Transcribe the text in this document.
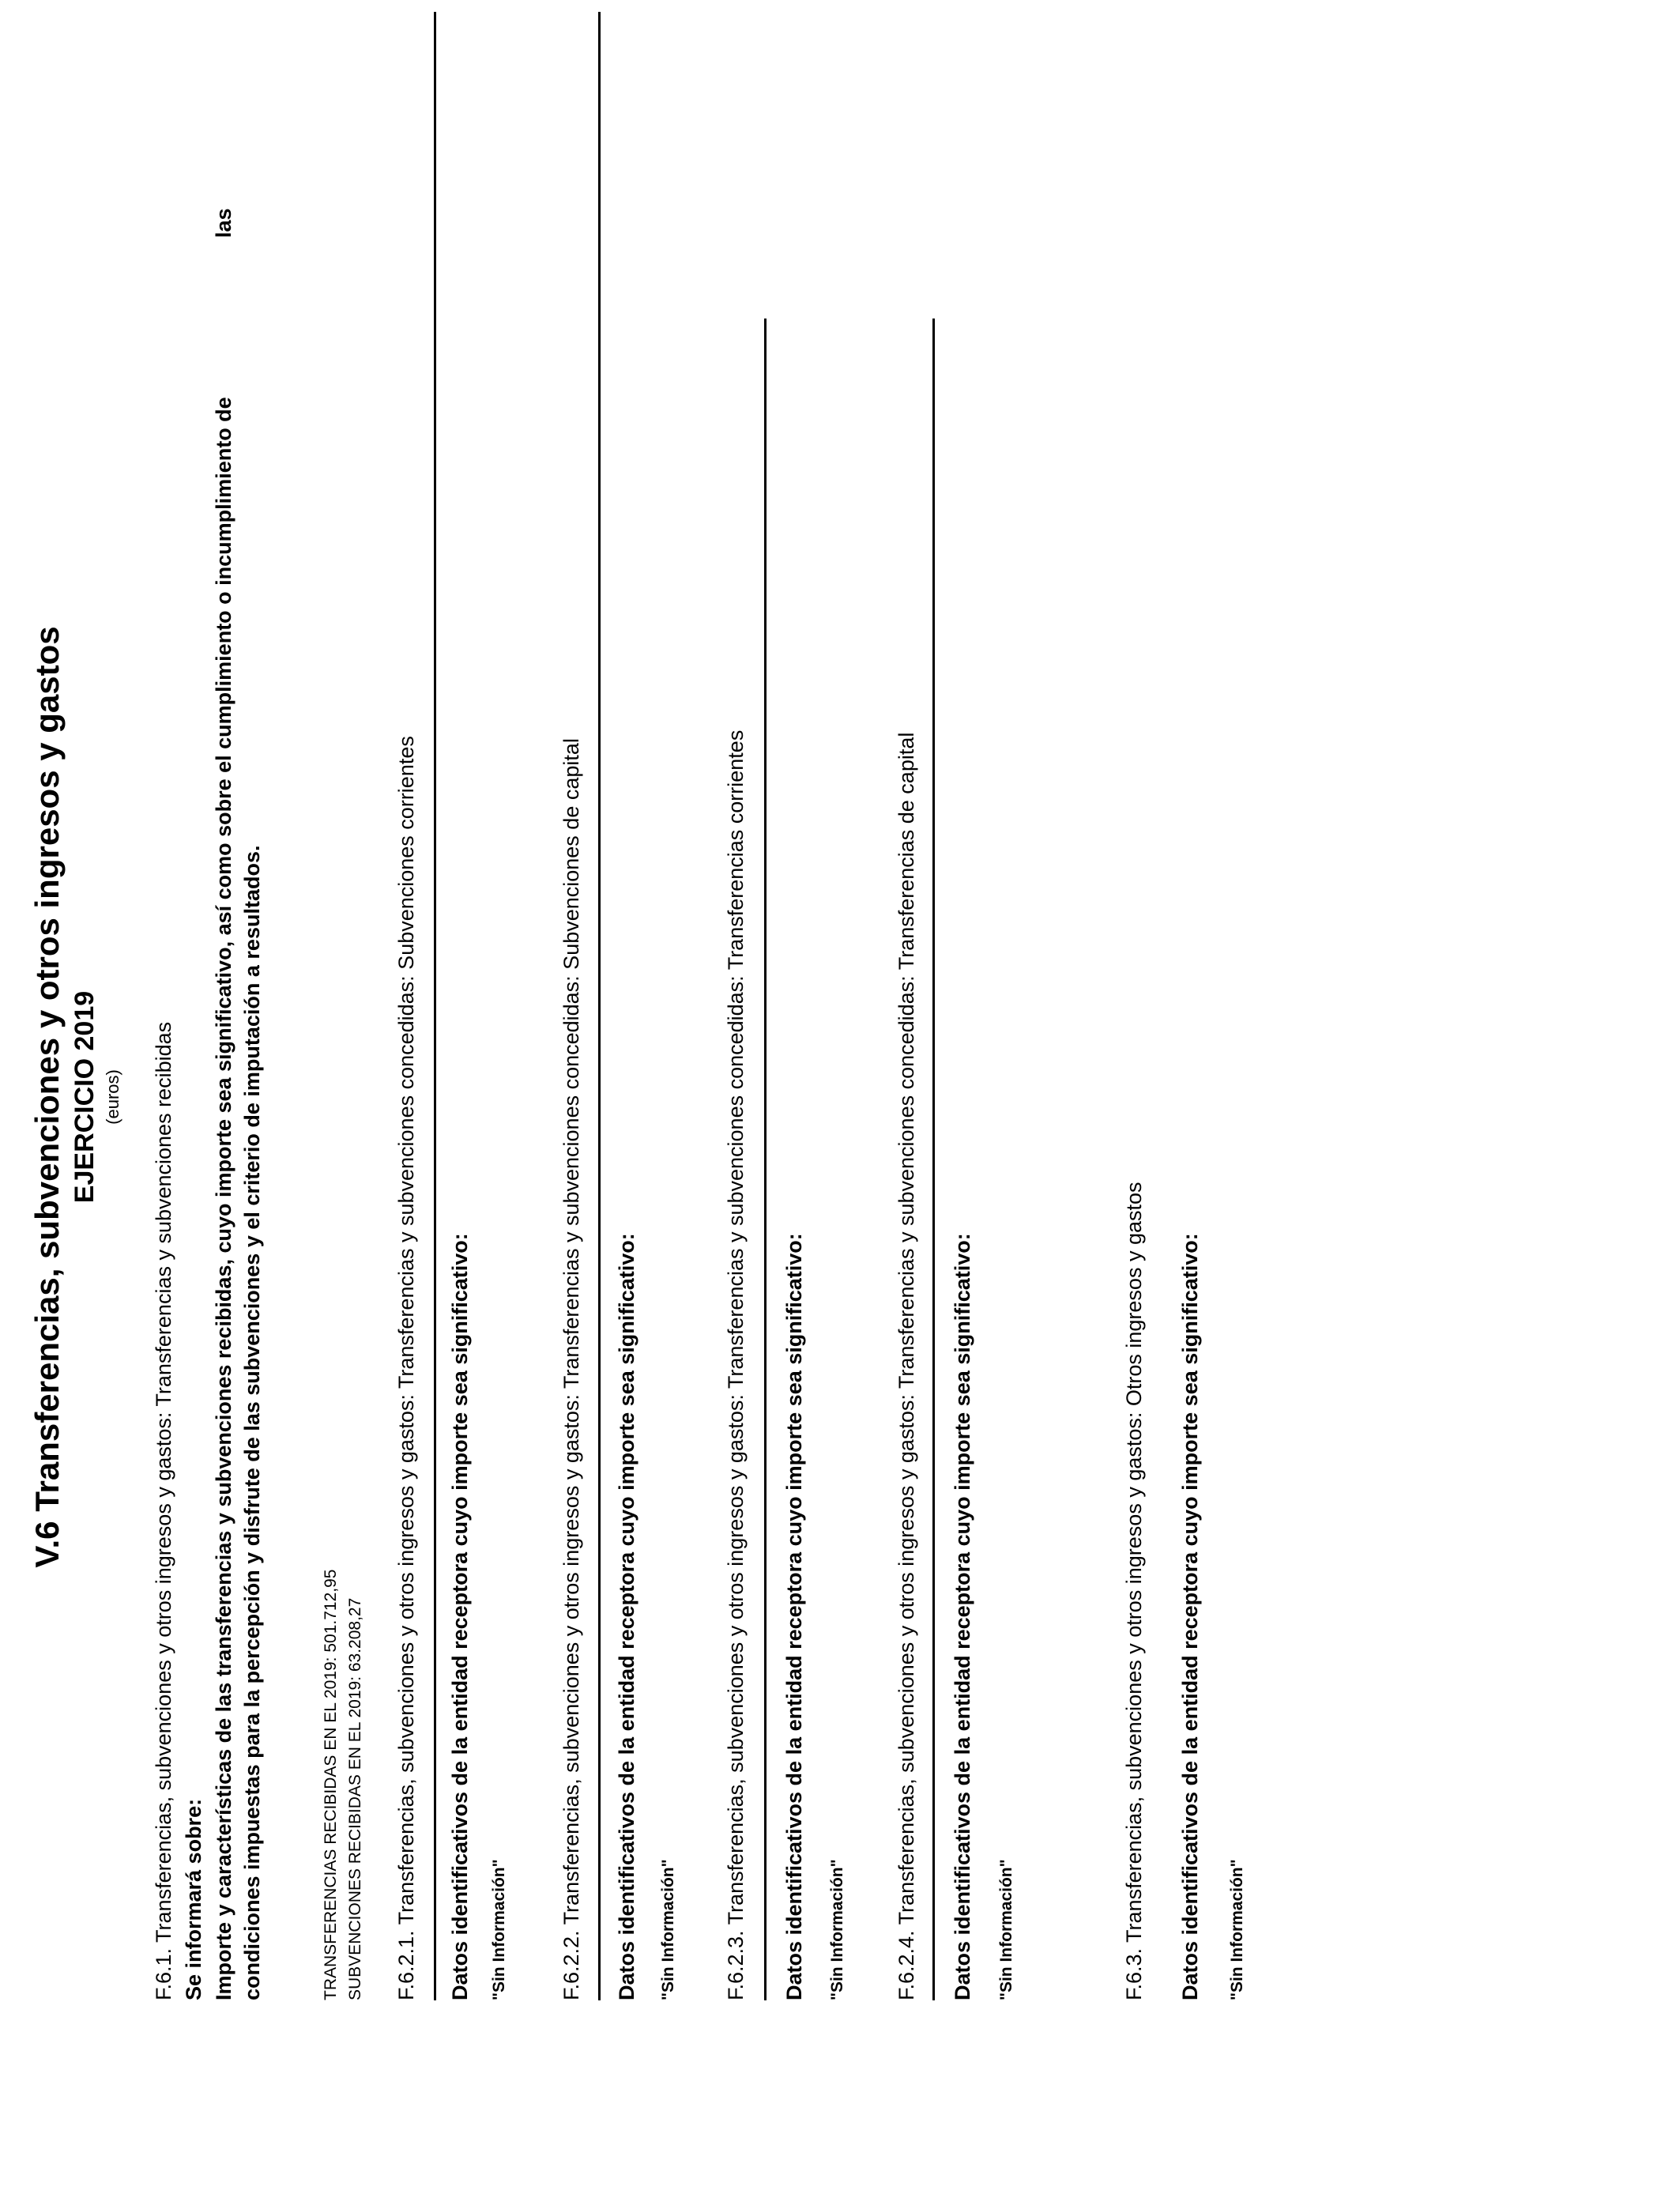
V.6 Transferencias, subvenciones y otros ingresos y gastos EJERCICIO 2019 (euros) F.6.1. Transferencias, subvenciones y otros ingresos y gastos: Transferencias y subvenciones recibidas Se informará sobre: Importe y características de las transferencias y subvenciones recibidas, cuyo importe sea significativo, así como sobre el cumplimiento o incumplimiento de
las
condiciones impuestas para la percepción y disfrute de las subvenciones y el criterio de imputación a resultados.	TRANSFERENCIAS RECIBIDAS EN EL 2019: 501.712,95 SUBVENCIONES RECIBIDAS EN EL 2019: 63.208,27 F.6.2.1. Transferencias, subvenciones y otros ingresos y gastos: Transferencias y subvenciones concedidas: Subvenciones corrientes Datos identificativos de la entidad receptora cuyo importe sea significativo: "Sin Información" F.6.2.2. Transferencias, subvenciones y otros ingresos y gastos: Transferencias y subvenciones concedidas: Subvenciones de capital Datos identificativos de la entidad receptora cuyo importe sea significativo: "Sin Información" F.6.2.3. Transferencias, subvenciones y otros ingresos y gastos: Transferencias y subvenciones concedidas: Transferencias corrientes Datos identificativos de la entidad receptora cuyo importe sea significativo: "Sin Información" F.6.2.4. Transferencias, subvenciones y otros ingresos y gastos: Transferencias y subvenciones concedidas: Transferencias de capital Datos identificativos de la entidad receptora cuyo importe sea significativo: "Sin Información"	F.6.3. Transferencias, subvenciones y otros ingresos y gastos: Otros ingresos y gastos Datos identificativos de la entidad receptora cuyo importe sea significativo: "Sin Información"
